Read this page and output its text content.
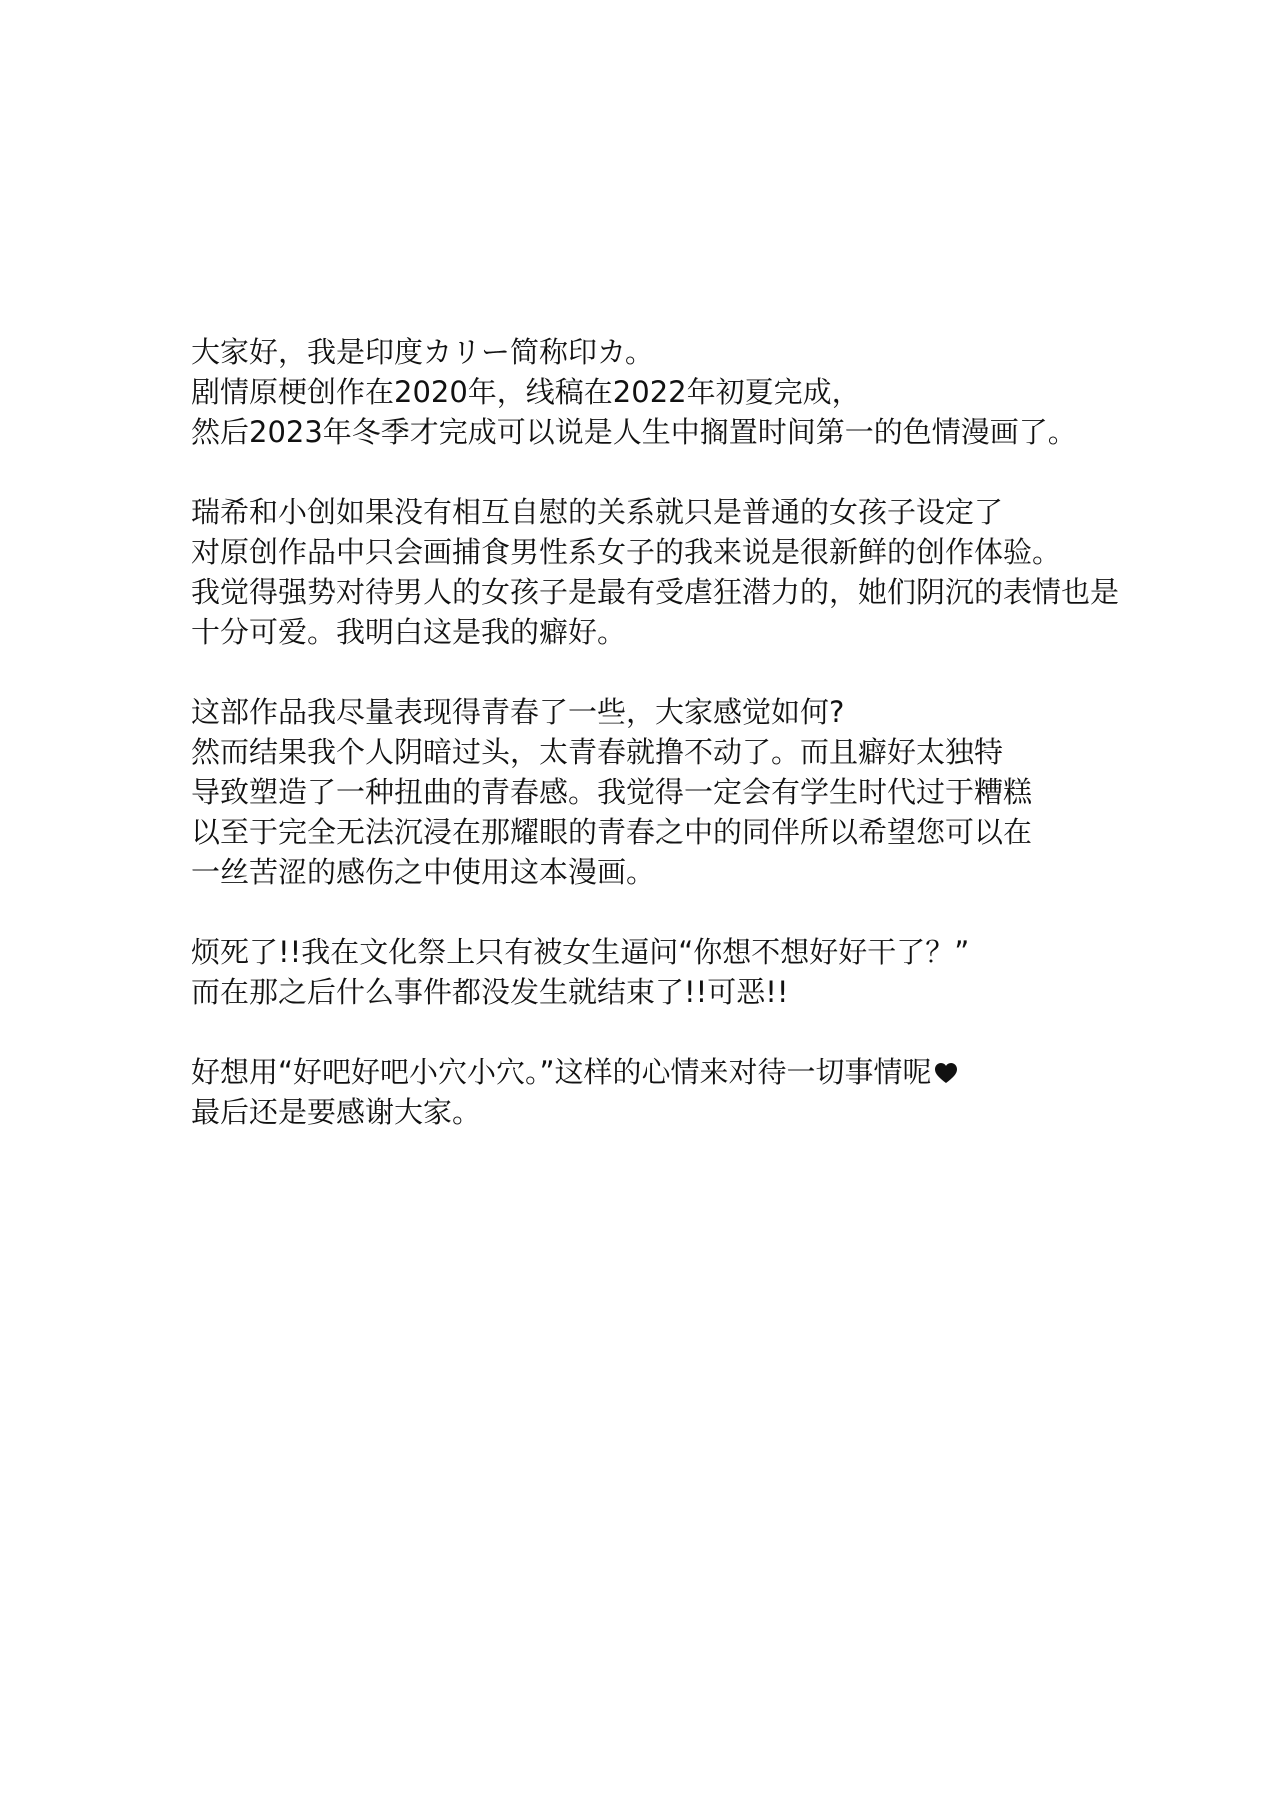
大家好，我是印度カリー简称印カ。
剧情原梗创作在2020年，线稿在2022年初夏完成，
然后2023年冬季才完成可以说是人生中搁置时间第一的色情漫画了。
瑞希和小创如果没有相互自慰的关系就只是普通的女孩子设定了
对原创作品中只会画捕食男性系女子的我来说是很新鲜的创作体验。
我觉得强势对待男人的女孩子是最有受虐狂潜力的，她们阴沉的表情也是
十分可爱。我明白这是我的癖好。
这部作品我尽量表现得青春了一些，大家感觉如何?
然而结果我个人阴暗过头，太青春就撸不动了。而且癖好太独特
导致塑造了一种扭曲的青春感。我觉得一定会有学生时代过于糟糕
以至于完全无法沉浸在那耀眼的青春之中的同伴所以希望您可以在
一丝苦涩的感伤之中使用这本漫画。
烦死了!!我在文化祭上只有被女生逼问“你想不想好好干了？”
而在那之后什么事件都没发生就结束了!!可恶!!
好想用“好吧好吧小穴小穴。”这样的心情来对待一切事情呢
最后还是要感谢大家。
